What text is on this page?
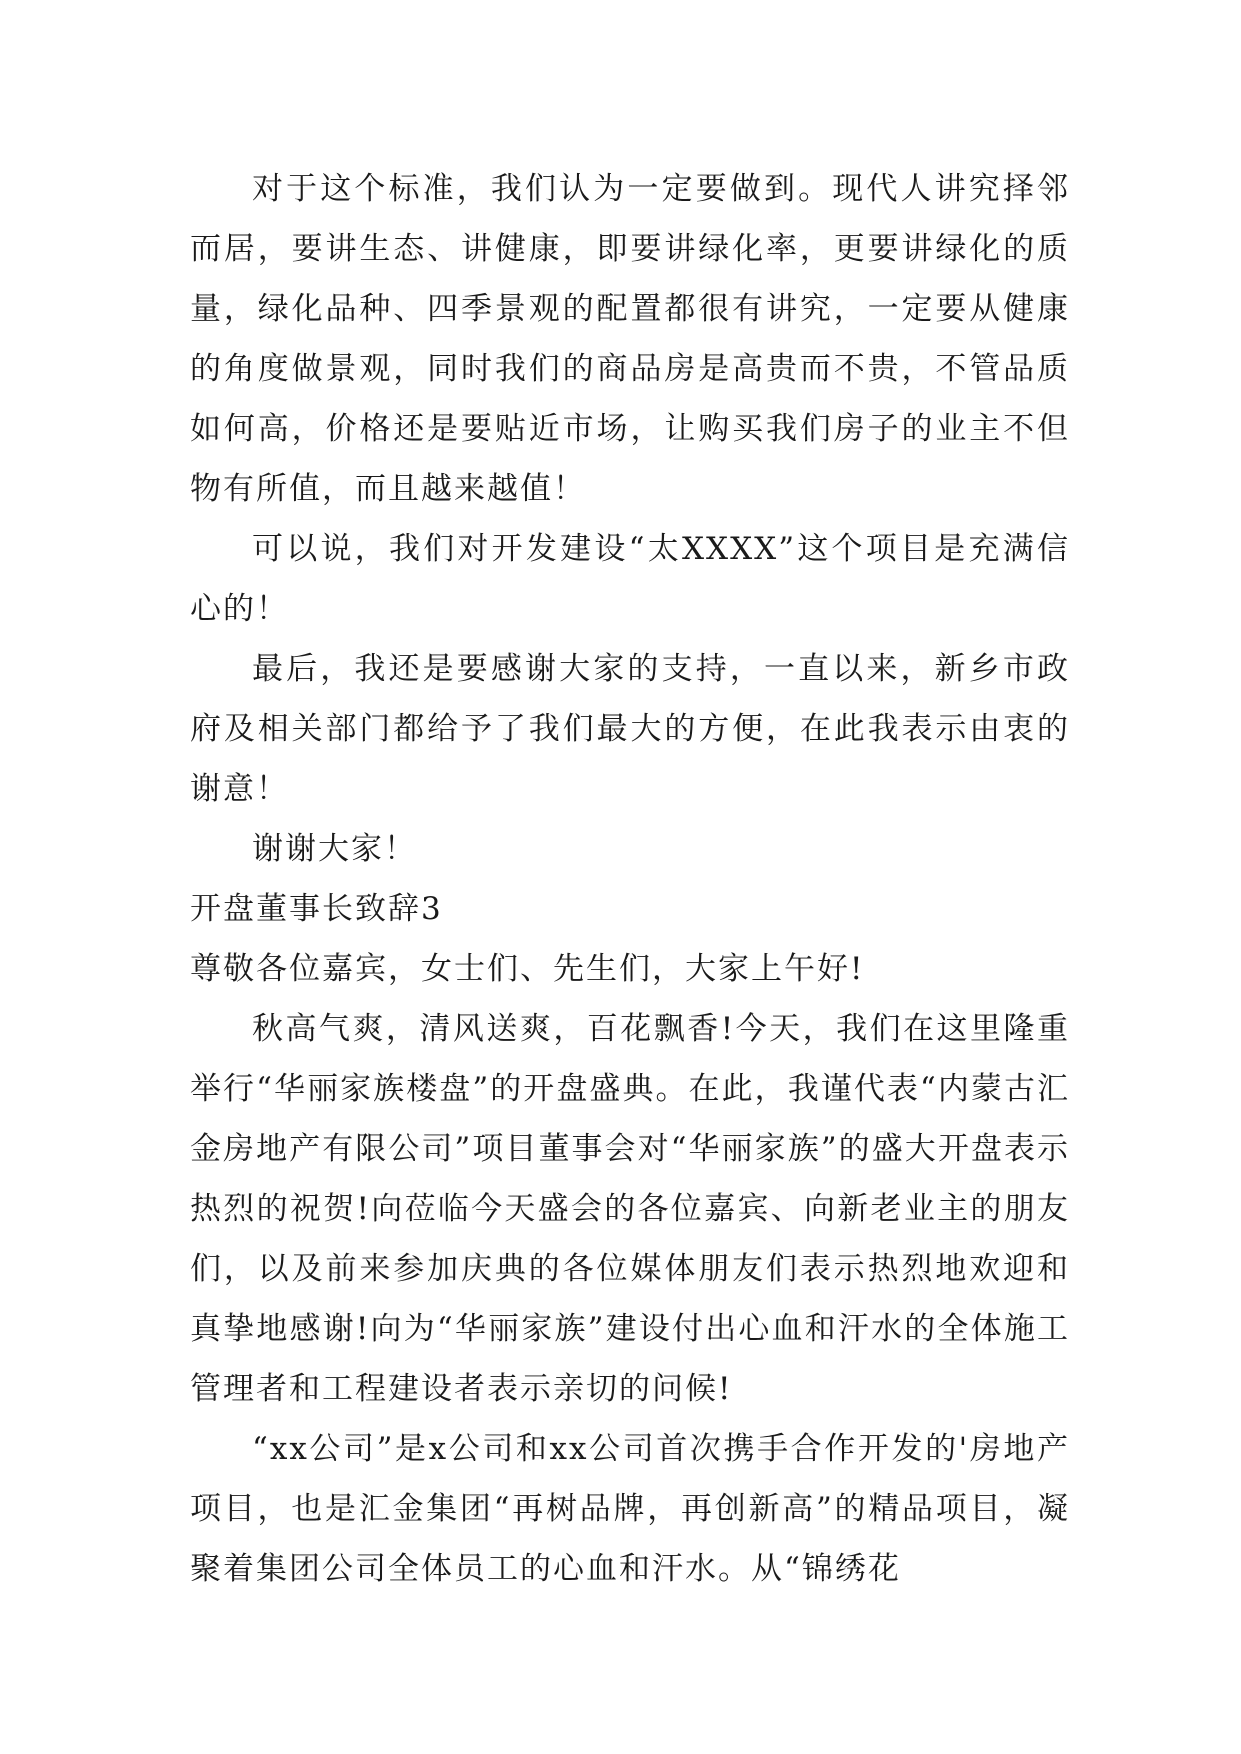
对于这个标准，我们认为一定要做到。现代人讲究择邻而居，要讲生态、讲健康，即要讲绿化率，更要讲绿化的质量，绿化品种、四季景观的配置都很有讲究，一定要从健康的角度做景观，同时我们的商品房是高贵而不贵，不管品质如何高，价格还是要贴近市场，让购买我们房子的业主不但物有所值，而且越来越值！

可以说，我们对开发建设“太XXXX”这个项目是充满信心的！

最后，我还是要感谢大家的支持，一直以来，新乡市政府及相关部门都给予了我们最大的方便，在此我表示由衷的谢意！

谢谢大家！

开盘董事长致辞3

尊敬各位嘉宾，女士们、先生们，大家上午好!

秋高气爽，清风送爽，百花飘香!今天，我们在这里隆重举行“华丽家族楼盘”的开盘盛典。在此，我谨代表“内蒙古汇金房地产有限公司”项目董事会对“华丽家族”的盛大开盘表示热烈的祝贺!向莅临今天盛会的各位嘉宾、向新老业主的朋友们，以及前来参加庆典的各位媒体朋友们表示热烈地欢迎和真挚地感谢!向为“华丽家族”建设付出心血和汗水的全体施工管理者和工程建设者表示亲切的问候!

“xx公司”是x公司和xx公司首次携手合作开发的'房地产项目，也是汇金集团“再树品牌，再创新高”的精品项目，凝聚着集团公司全体员工的心血和汗水。从“锦绣花
